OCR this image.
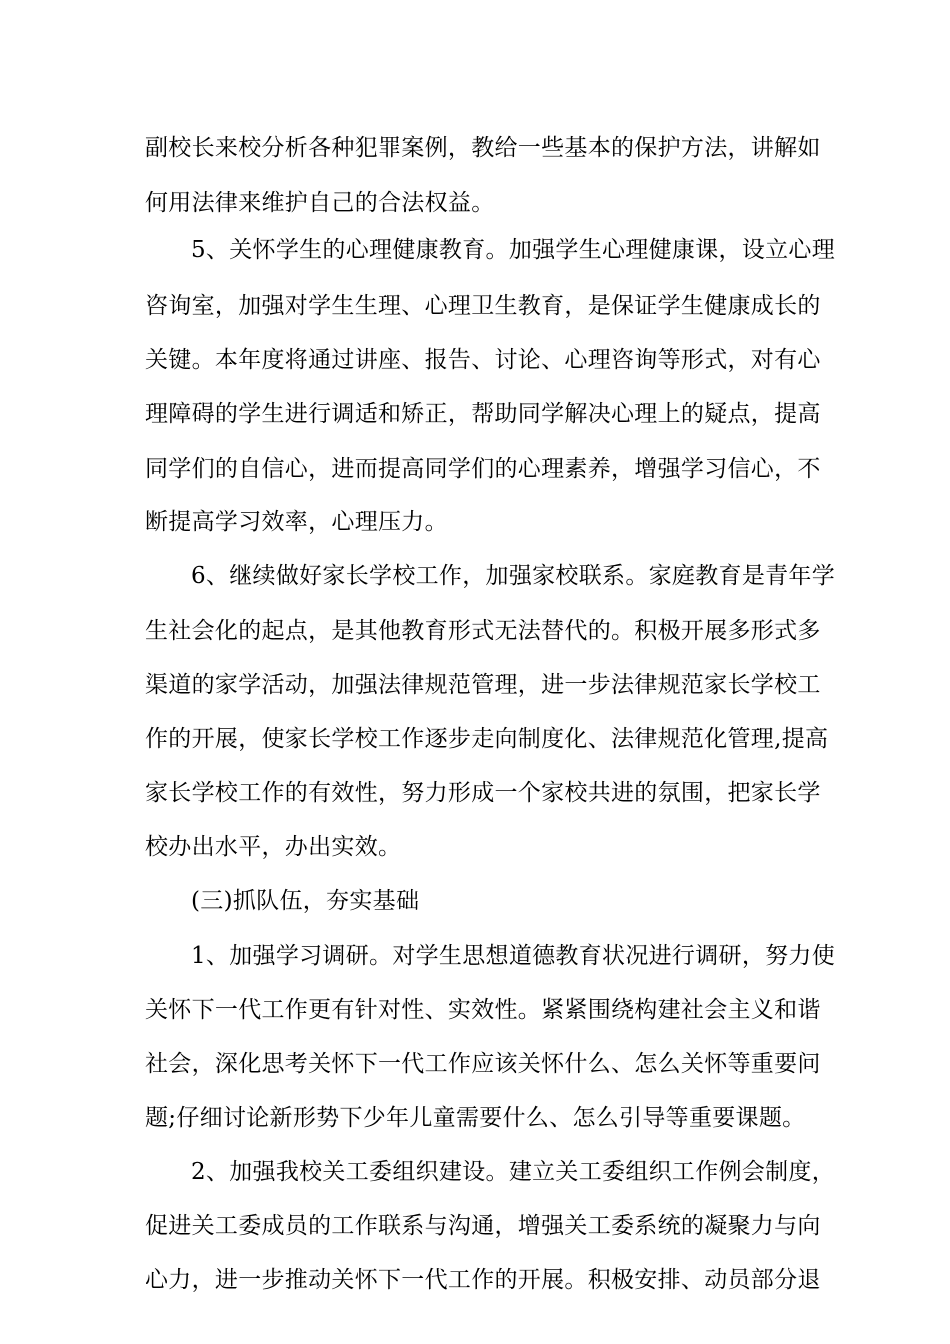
副校长来校分析各种犯罪案例，教给一些基本的保护方法，讲解如
何用法律来维护自己的合法权益。
5、关怀学生的心理健康教育。加强学生心理健康课，设立心理
咨询室，加强对学生生理、心理卫生教育，是保证学生健康成长的
关键。本年度将通过讲座、报告、讨论、心理咨询等形式，对有心
理障碍的学生进行调适和矫正，帮助同学解决心理上的疑点，提高
同学们的自信心，进而提高同学们的心理素养，增强学习信心，不
断提高学习效率，心理压力。
6、继续做好家长学校工作，加强家校联系。家庭教育是青年学
生社会化的起点，是其他教育形式无法替代的。积极开展多形式多
渠道的家学活动，加强法律规范管理，进一步法律规范家长学校工
作的开展，使家长学校工作逐步走向制度化、法律规范化管理,提高
家长学校工作的有效性，努力形成一个家校共进的氛围，把家长学
校办出水平，办出实效。
(三)抓队伍，夯实基础
1、加强学习调研。对学生思想道德教育状况进行调研，努力使
关怀下一代工作更有针对性、实效性。紧紧围绕构建社会主义和谐
社会，深化思考关怀下一代工作应该关怀什么、怎么关怀等重要问
题;仔细讨论新形势下少年儿童需要什么、怎么引导等重要课题。
2、加强我校关工委组织建设。建立关工委组织工作例会制度，
促进关工委成员的工作联系与沟通，增强关工委系统的凝聚力与向
心力，进一步推动关怀下一代工作的开展。积极安排、动员部分退
